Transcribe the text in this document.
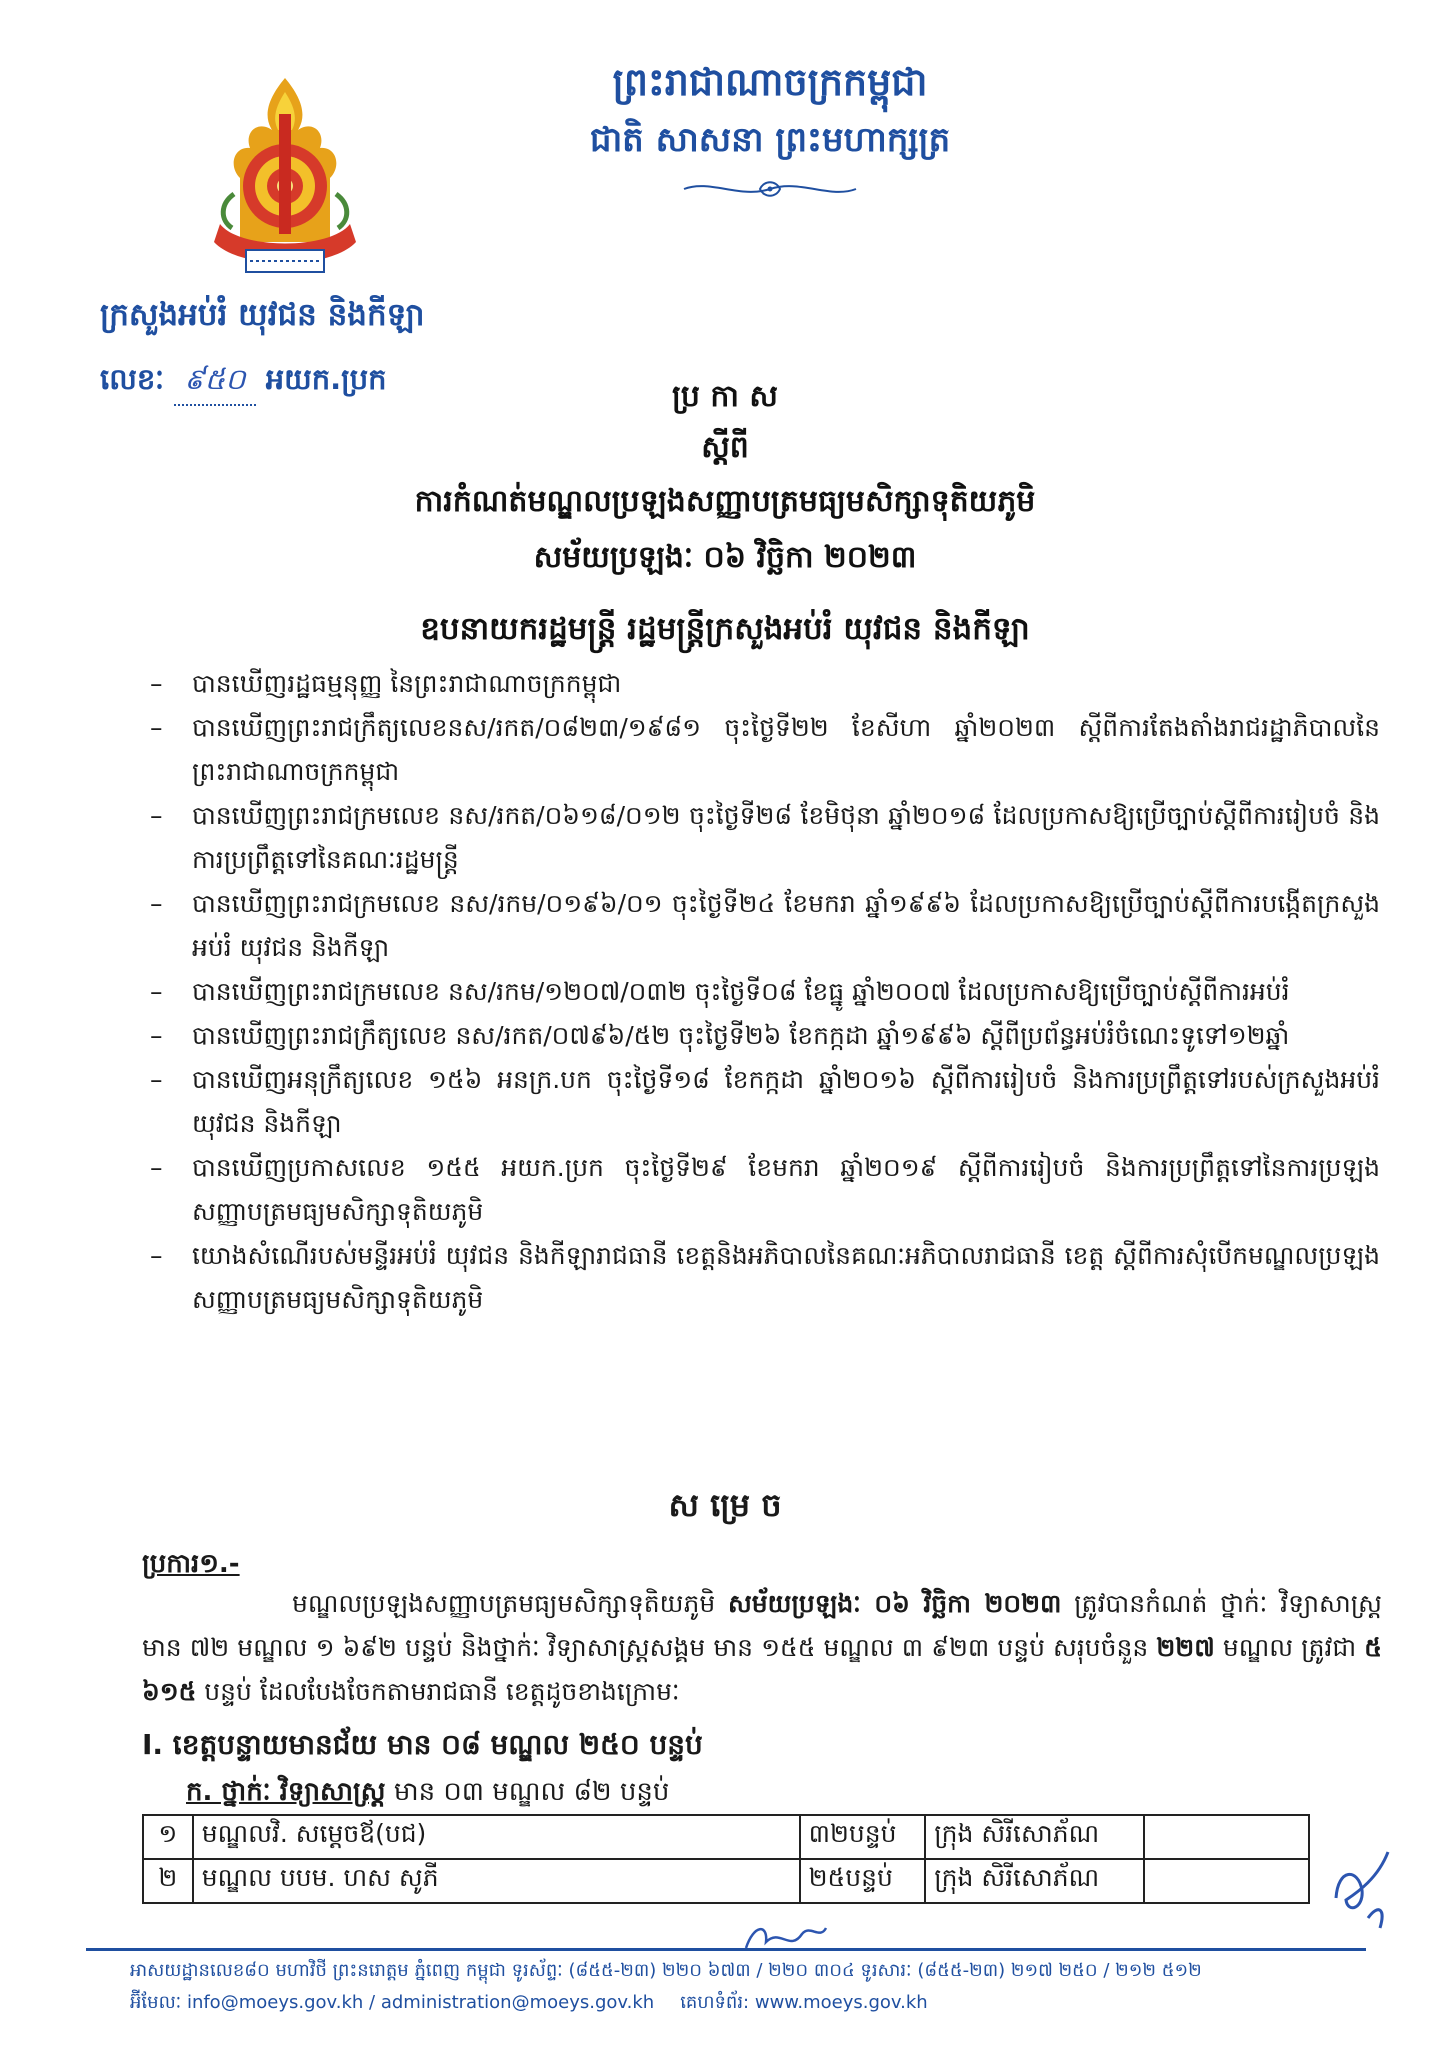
ព្រះរាជាណាចក្រកម្ពុជា
ជាតិ សាសនា ព្រះមហាក្សត្រ
ក្រសួងអប់រំ យុវជន និងកីឡា
លេខៈ ៩៥០ អយក.ប្រក	ប្រ កា ស
ស្តីពី
ការកំណត់មណ្ឌលប្រឡងសញ្ញាបត្រមធ្យមសិក្សាទុតិយភូមិ
សម័យប្រឡងៈ ០៦ វិច្ឆិកា ២០២៣
ឧបនាយករដ្ឋមន្ត្រី រដ្ឋមន្ត្រីក្រសួងអប់រំ យុវជន និងកីឡា
– បានឃើញរដ្ឋធម្មនុញ្ញ នៃព្រះរាជាណាចក្រកម្ពុជា
– បានឃើញព្រះរាជក្រឹត្យលេខនស/រកត/០៨២៣/១៩៨១ ចុះថ្ងៃទី២២ ខែសីហា ឆ្នាំ២០២៣ ស្តីពីការតែងតាំងរាជរដ្ឋាភិបាលនៃព្រះរាជាណាចក្រកម្ពុជា
– បានឃើញព្រះរាជក្រមលេខ នស/រកត/០៦១៨/០១២ ចុះថ្ងៃទី២៨ ខែមិថុនា ឆ្នាំ២០១៨ ដែលប្រកាសឱ្យប្រើច្បាប់ស្តីពីការរៀបចំ និងការប្រព្រឹត្តទៅនៃគណៈរដ្ឋមន្ត្រី
– បានឃើញព្រះរាជក្រមលេខ នស/រកម/០១៩៦/០១ ចុះថ្ងៃទី២៤ ខែមករា ឆ្នាំ១៩៩៦ ដែលប្រកាសឱ្យប្រើច្បាប់ស្តីពីការបង្កើតក្រសួងអប់រំ យុវជន និងកីឡា
– បានឃើញព្រះរាជក្រមលេខ នស/រកម/១២០៧/០៣២ ចុះថ្ងៃទី០៨ ខែធ្នូ ឆ្នាំ២០០៧ ដែលប្រកាសឱ្យប្រើច្បាប់ស្តីពីការអប់រំ
– បានឃើញព្រះរាជក្រឹត្យលេខ នស/រកត/០៧៩៦/៥២ ចុះថ្ងៃទី២៦ ខែកក្កដា ឆ្នាំ១៩៩៦ ស្តីពីប្រព័ន្ធអប់រំចំណេះទូទៅ១២ឆ្នាំ
– បានឃើញអនុក្រឹត្យលេខ ១៥៦ អនក្រ.បក ចុះថ្ងៃទី១៨ ខែកក្កដា ឆ្នាំ២០១៦ ស្តីពីការរៀបចំ និងការប្រព្រឹត្តទៅរបស់ក្រសួងអប់រំ យុវជន និងកីឡា
– បានឃើញប្រកាសលេខ ១៥៥ អយក.ប្រក ចុះថ្ងៃទី២៩ ខែមករា ឆ្នាំ២០១៩ ស្តីពីការរៀបចំ និងការប្រព្រឹត្តទៅនៃការប្រឡងសញ្ញាបត្រមធ្យមសិក្សាទុតិយភូមិ
– យោងសំណើរបស់មន្ទីរអប់រំ យុវជន និងកីឡារាជធានី ខេត្តនិងអភិបាលនៃគណៈអភិបាលរាជធានី ខេត្ត ស្តីពីការសុំបើកមណ្ឌលប្រឡងសញ្ញាបត្រមធ្យមសិក្សាទុតិយភូមិ
ស ម្រេ ច
ប្រការ១.-
មណ្ឌលប្រឡងសញ្ញាបត្រមធ្យមសិក្សាទុតិយភូមិ សម័យប្រឡងៈ ០៦ វិច្ឆិកា ២០២៣ ត្រូវបានកំណត់ ថ្នាក់ៈ វិទ្យាសាស្ត្រ មាន ៧២ មណ្ឌល ១ ៦៩២ បន្ទប់ និងថ្នាក់ៈ វិទ្យាសាស្ត្រសង្គម មាន ១៥៥ មណ្ឌល ៣ ៩២៣ បន្ទប់ សរុបចំនួន ២២៧ មណ្ឌល ត្រូវជា ៥ ៦១៥ បន្ទប់ ដែលបែងចែកតាមរាជធានី ខេត្តដូចខាងក្រោមៈ
I. ខេត្តបន្ទាយមានជ័យ មាន ០៨ មណ្ឌល ២៥០ បន្ទប់
ក. ថ្នាក់ៈ វិទ្យាសាស្ត្រ មាន ០៣ មណ្ឌល ៨២ បន្ទប់
១	មណ្ឌលវិ. សម្តេចឪ(បជ)	៣២បន្ទប់	ក្រុង សិរីសោភ័ណ	
២	មណ្ឌល បបម. ហស សូភី	២៥បន្ទប់	ក្រុង សិរីសោភ័ណ	
អាសយដ្ឋានលេខ៨០ មហាវិថី ព្រះនរោត្តម ភ្នំពេញ កម្ពុជា ទូរស័ព្ទៈ (៨៥៥-២៣) ២២០ ៦៧៣ / ២២០ ៣០៤ ទូរសារៈ (៨៥៥-២៣) ២១៧ ២៥០ / ២១២ ៥១២
អ៊ីមែលៈ info@moeys.gov.kh / administration@moeys.gov.kh គេហទំព័រ: www.moeys.gov.kh
